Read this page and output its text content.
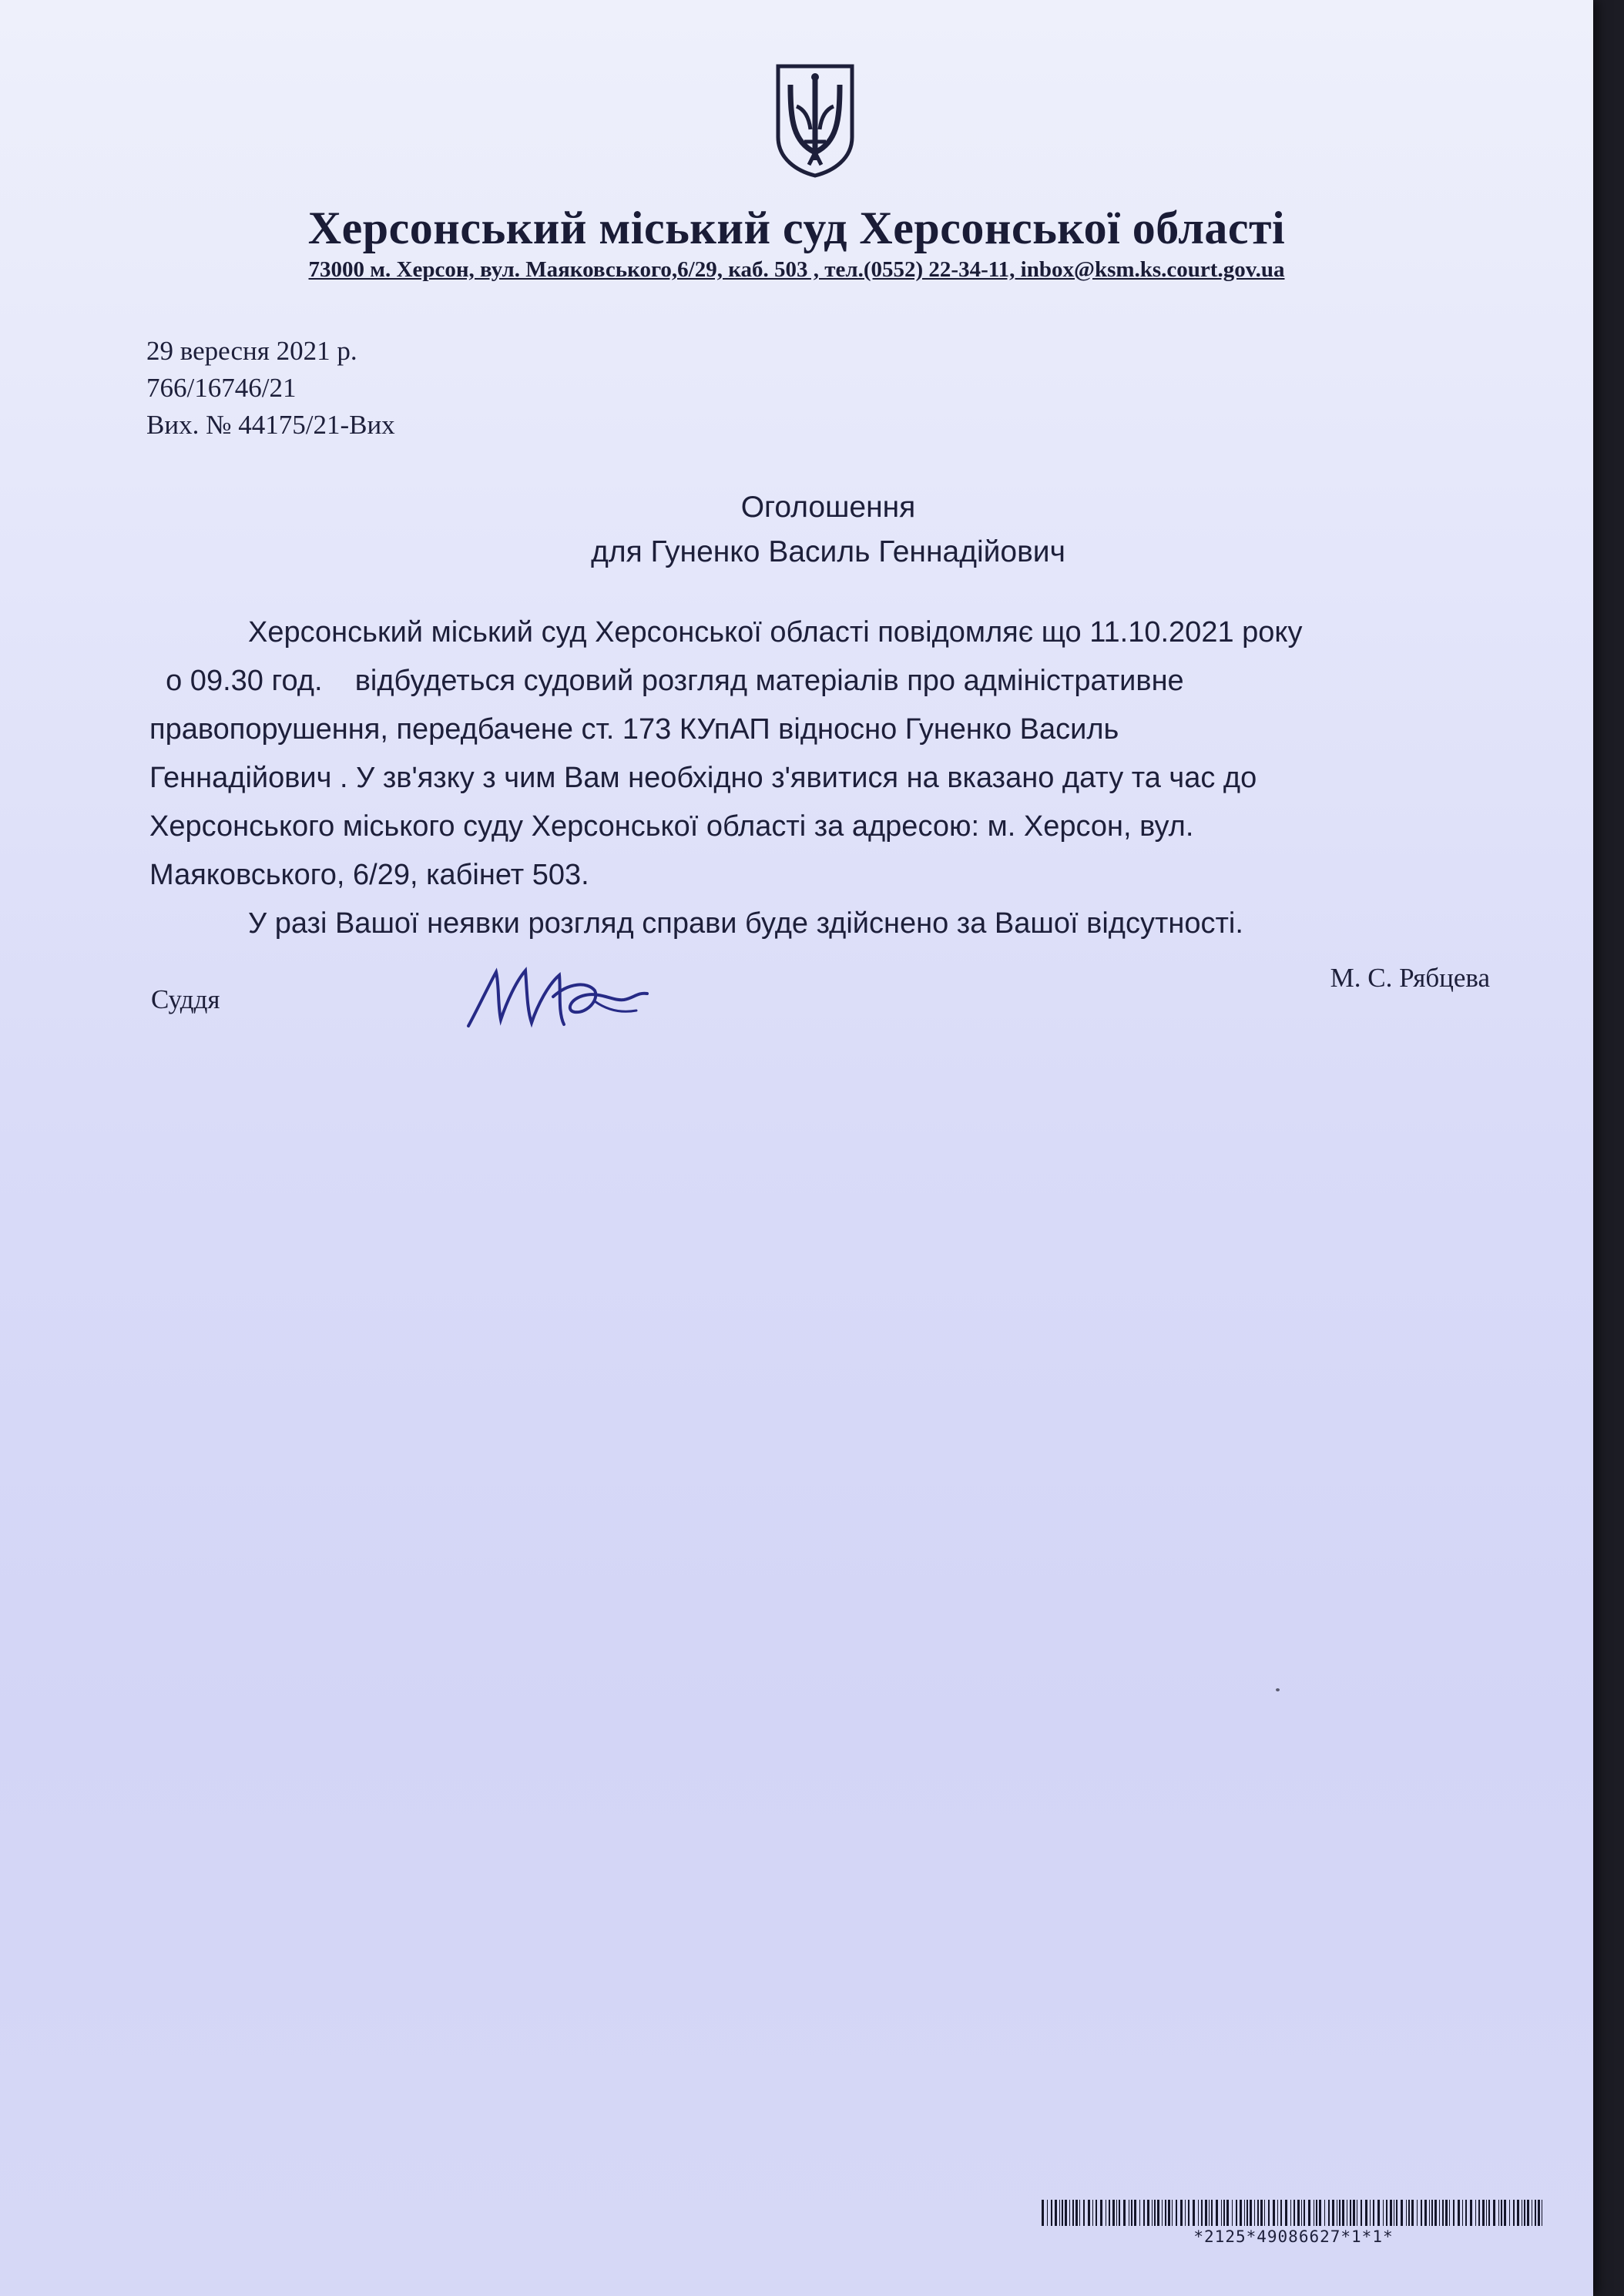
Херсонський міський суд Херсонської області
73000 м. Херсон, вул. Маяковського,6/29, каб. 503 , тел.(0552) 22-34-11, inbox@ksm.ks.court.gov.ua
29 вересня 2021 р.
766/16746/21
Вих. № 44175/21-Вих
Оголошення
для Гуненко Василь Геннадійович

Херсонський міський суд Херсонської області повідомляє що 11.10.2021 року

о 09.30 год.    відбудеться судовий розгляд матеріалів про адміністративне

правопорушення, передбачене ст. 173 КУпАП відносно Гуненко Василь

Геннадійович . У зв'язку з чим Вам необхідно з'явитися на вказано дату та час до

Херсонського міського суду Херсонської області за адресою: м. Херсон, вул.

Маяковського, 6/29, кабінет 503.

У разі Вашої неявки розгляд справи буде здійснено за Вашої відсутності.

Суддя
М. С. Рябцева
*2125*49086627*1*1*
